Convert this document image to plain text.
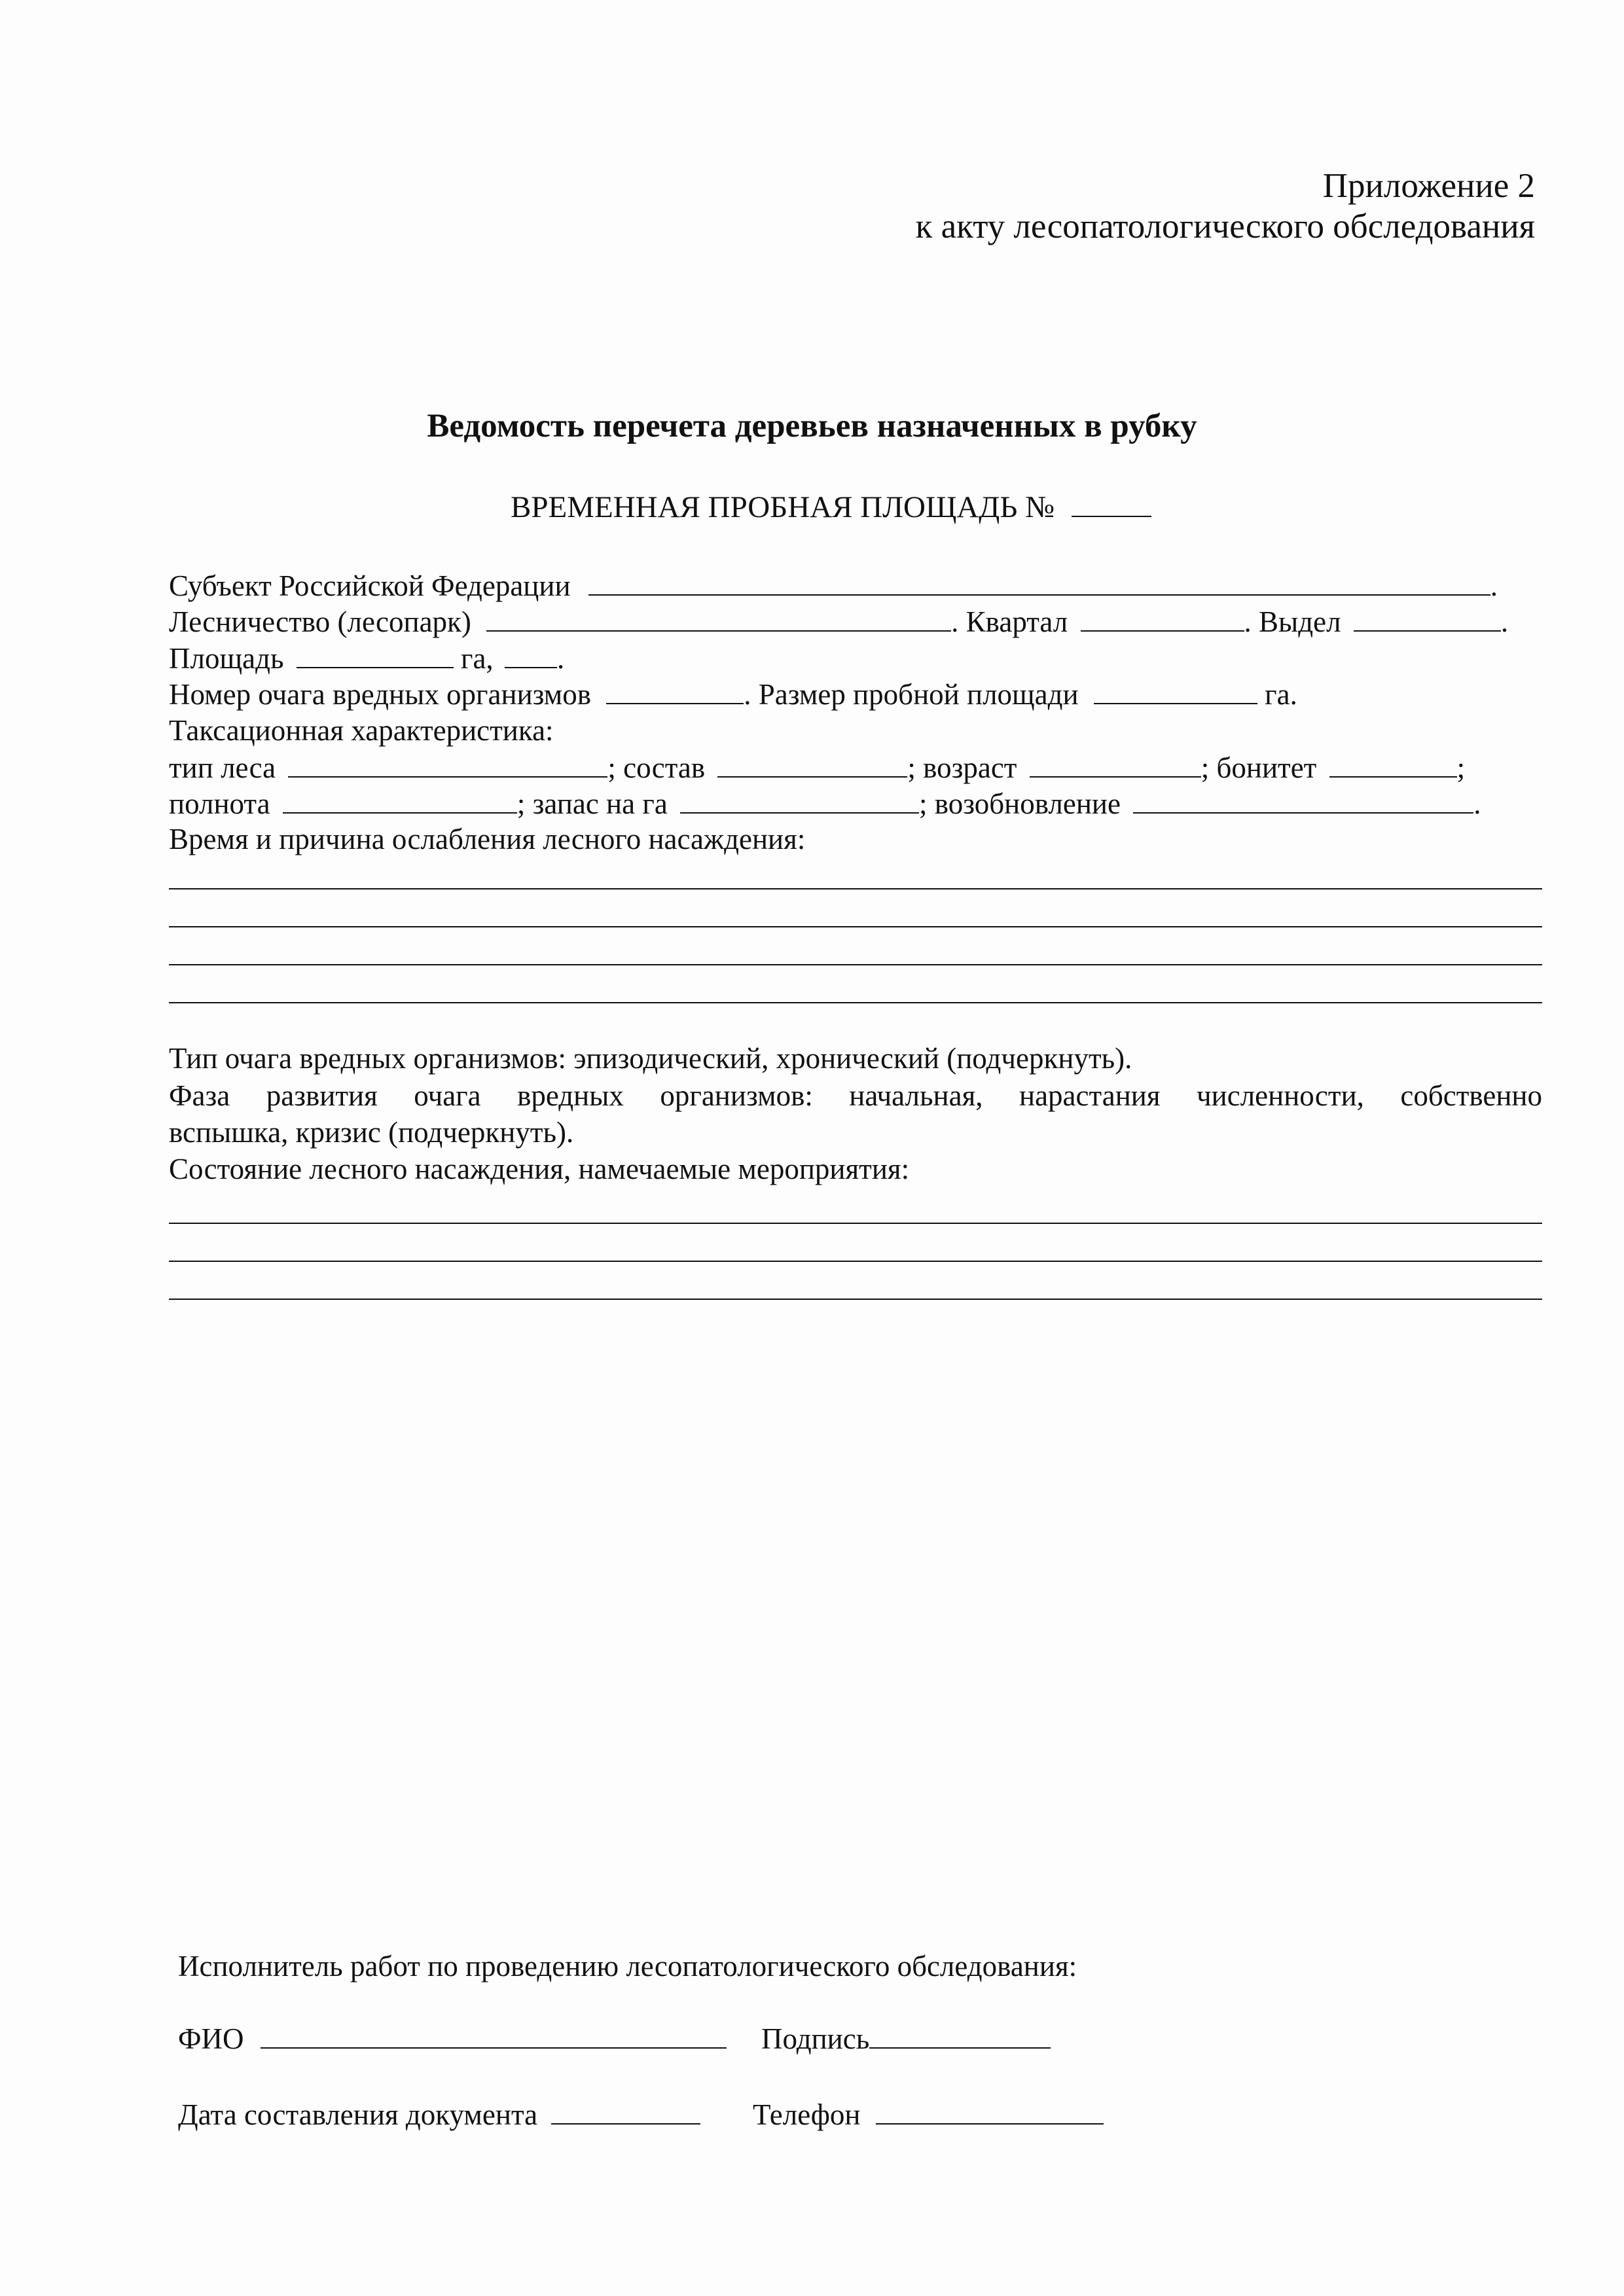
Приложение 2
к акту лесопатологического обследования
Ведомость перечета деревьев назначенных в рубку
ВРЕМЕННАЯ ПРОБНАЯ ПЛОЩАДЬ №
Субъект Российской Федерации	.
Лесничество (лесопарк)	. Квартал	. Выдел	.
Площадь	га, .
Номер очага вредных организмов	. Размер пробной площади	га.
Таксационная характеристика:
тип леса	; состав	; возраст	; бонитет	;
полнота	; запас на га	; возобновление	.
Время и причина ослабления лесного насаждения:
Тип очага вредных организмов: эпизодический, хронический (подчеркнуть).
Фаза развития очага вредных организмов: начальная, нарастания численности, собственно
вспышка, кризис (подчеркнуть).
Состояние лесного насаждения, намечаемые мероприятия:
Исполнитель работ по проведению лесопатологического обследования:
ФИО	Подпись
Дата составления документа	Телефон
